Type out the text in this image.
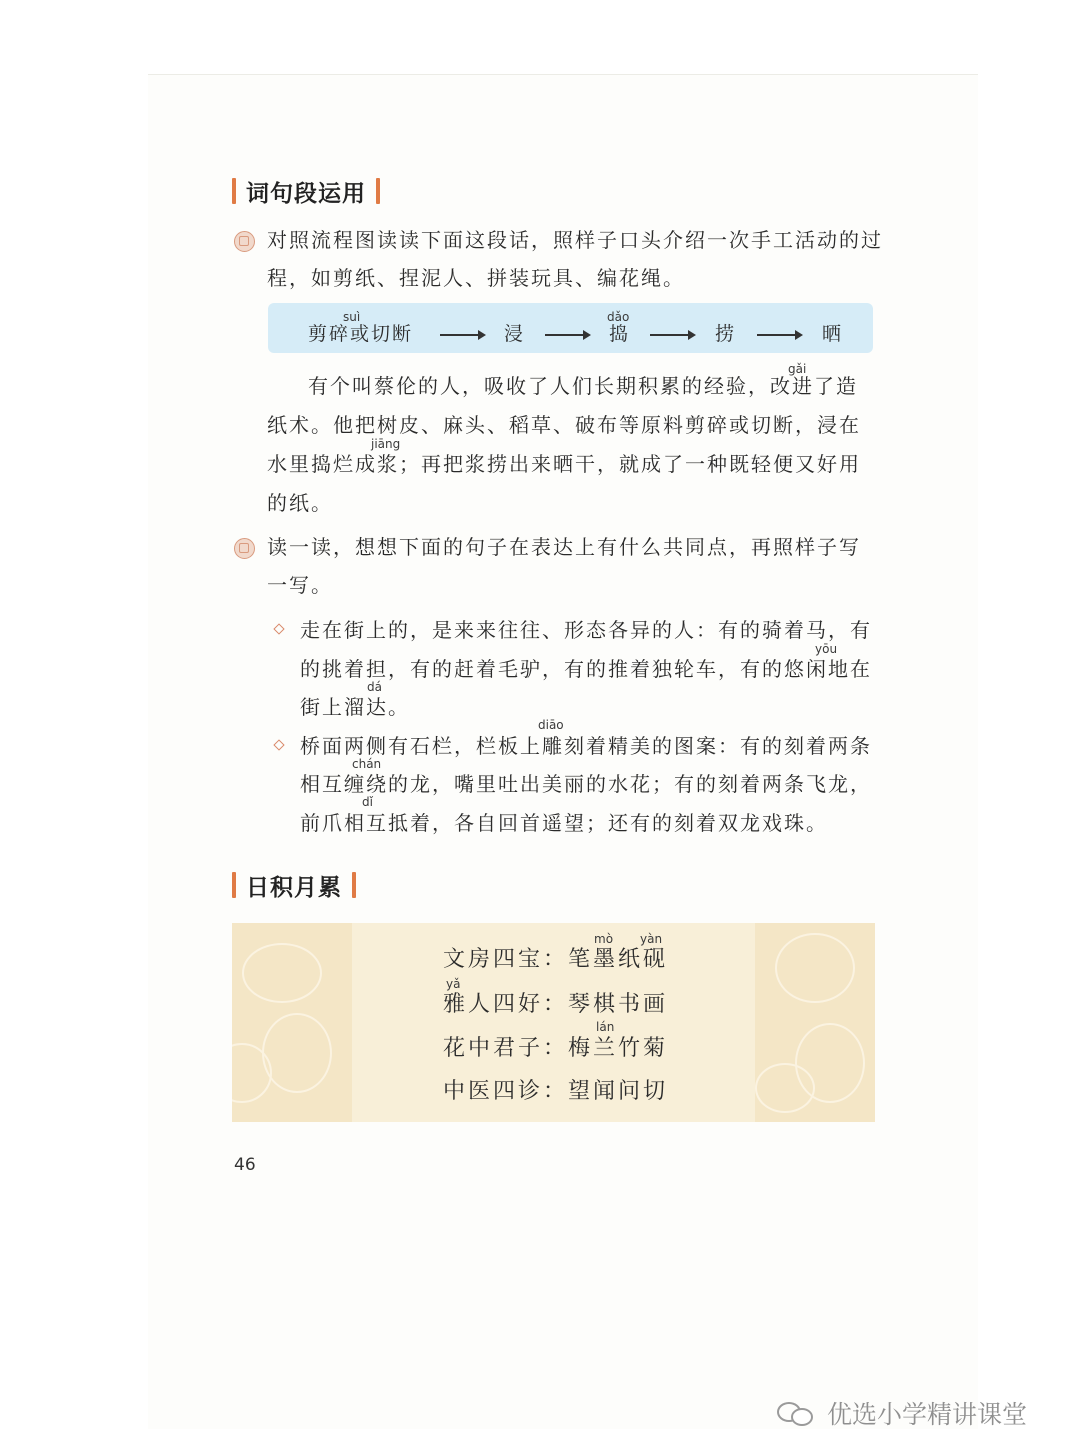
词句段运用
对照流程图读读下面这段话，照样子口头介绍一次手工活动的过
程，如剪纸、捏泥人、拼装玩具、编花绳。
suì	dǎo
剪碎或切断	浸	捣	捞	晒
gǎi
有个叫蔡伦的人，吸收了人们长期积累的经验，改进了造
纸术。他把树皮、麻头、稻草、破布等原料剪碎或切断，浸在
jiāng
水里捣烂成浆；再把浆捞出来晒干，就成了一种既轻便又好用
的纸。
读一读，想想下面的句子在表达上有什么共同点，再照样子写
一写。
走在街上的，是来来往往、形态各异的人：有的骑着马，有
yōu
的挑着担，有的赶着毛驴，有的推着独轮车，有的悠闲地在
dá
街上溜达。
diāo
桥面两侧有石栏，栏板上雕刻着精美的图案：有的刻着两条
chán
相互缠绕的龙，嘴里吐出美丽的水花；有的刻着两条飞龙，
dǐ
前爪相互抵着，各自回首遥望；还有的刻着双龙戏珠。
日积月累
mò yàn
文房四宝：笔墨纸砚
yǎ
雅人四好：琴棋书画
lán
花中君子：梅兰竹菊
中医四诊：望闻问切
46
优选小学精讲课堂
